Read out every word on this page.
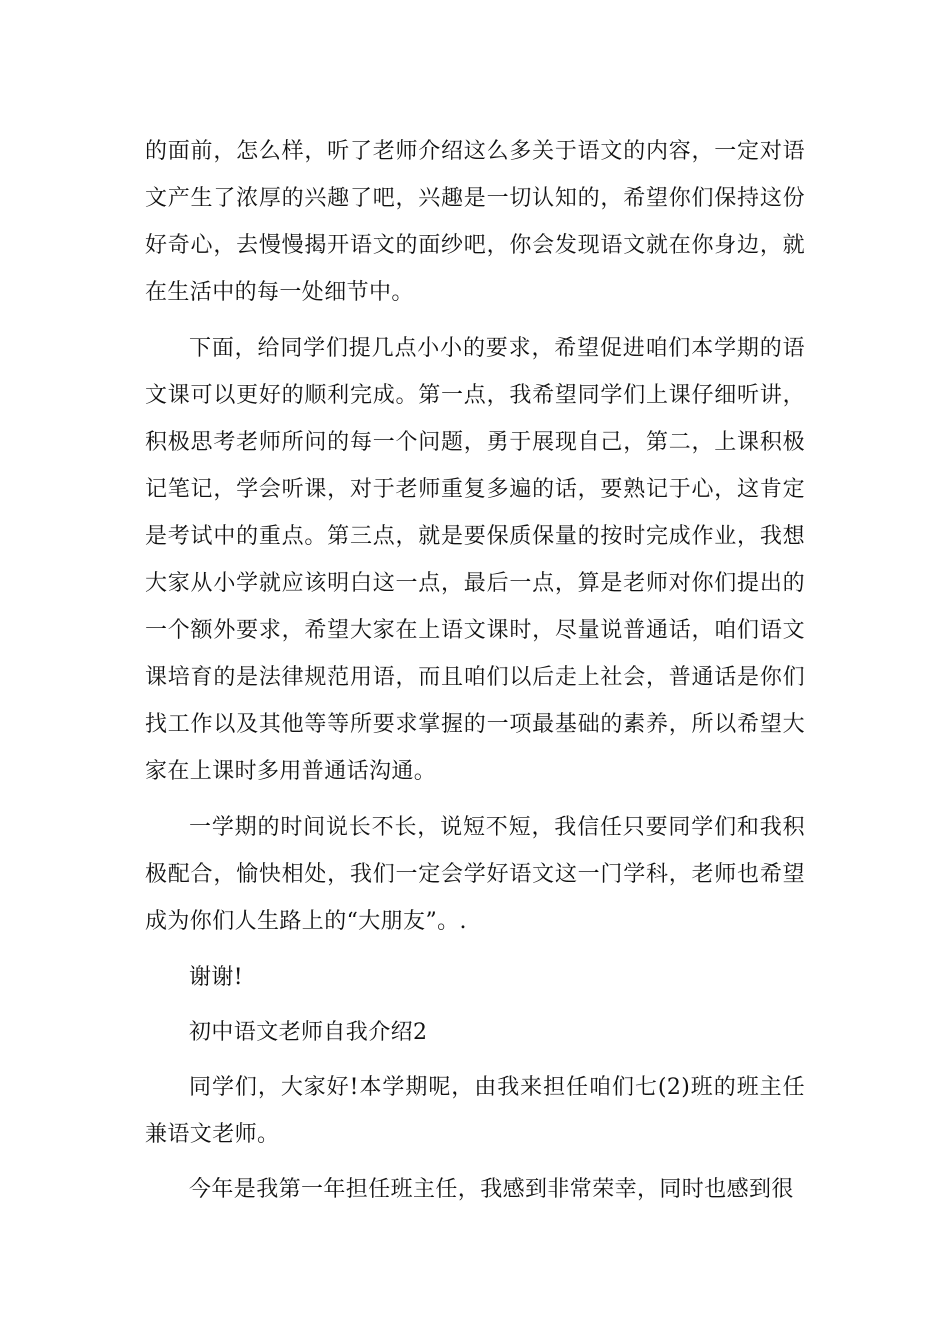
的面前，怎么样，听了老师介绍这么多关于语文的内容，一定对语文产生了浓厚的兴趣了吧，兴趣是一切认知的，希望你们保持这份好奇心，去慢慢揭开语文的面纱吧，你会发现语文就在你身边，就在生活中的每一处细节中。

下面，给同学们提几点小小的要求，希望促进咱们本学期的语文课可以更好的顺利完成。第一点，我希望同学们上课仔细听讲，积极思考老师所问的每一个问题，勇于展现自己，第二，上课积极记笔记，学会听课，对于老师重复多遍的话，要熟记于心，这肯定是考试中的重点。第三点，就是要保质保量的按时完成作业，我想大家从小学就应该明白这一点，最后一点，算是老师对你们提出的一个额外要求，希望大家在上语文课时，尽量说普通话，咱们语文课培育的是法律规范用语，而且咱们以后走上社会，普通话是你们找工作以及其他等等所要求掌握的一项最基础的素养，所以希望大家在上课时多用普通话沟通。

一学期的时间说长不长，说短不短，我信任只要同学们和我积极配合，愉快相处，我们一定会学好语文这一门学科，老师也希望成为你们人生路上的“大朋友”。.

谢谢!

初中语文老师自我介绍2

同学们，大家好!本学期呢，由我来担任咱们七(2)班的班主任兼语文老师。

今年是我第一年担任班主任，我感到非常荣幸，同时也感到很
